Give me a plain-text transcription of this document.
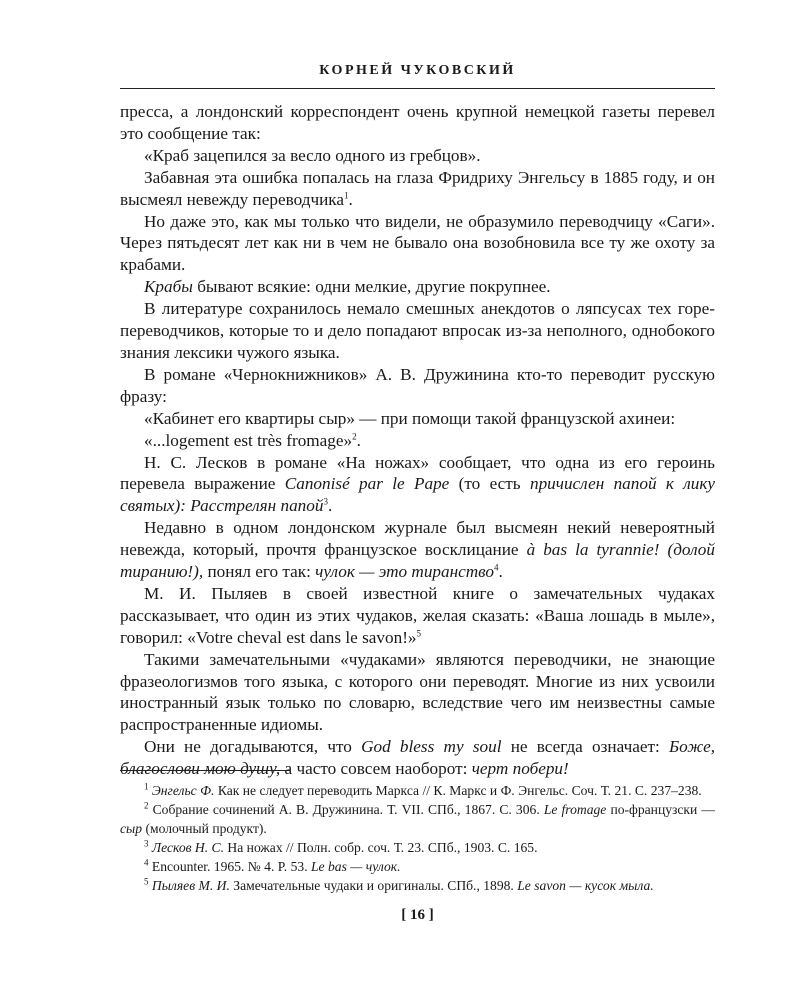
КОРНЕЙ ЧУКОВСКИЙ

пресса, а лондонский корреспондент очень крупной немецкой газеты перевел это сообщение так:

«Краб зацепился за весло одного из гребцов».

Забавная эта ошибка попалась на глаза Фридриху Энгельсу в 1885 году, и он высмеял невежду переводчика$^1$.

Но даже это, как мы только что видели, не образумило переводчицу «Саги». Через пятьдесят лет как ни в чем не бывало она возобновила все ту же охоту за крабами.

Крабы бывают всякие: одни мелкие, другие покрупнее.

В литературе сохранилось немало смешных анекдотов о ляпсусах тех горе-переводчиков, которые то и дело попадают впросак из-за неполного, однобокого знания лексики чужого языка.

В романе «Чернокнижников» А. В. Дружинина кто-то переводит русскую фразу:

«Кабинет его квартиры сыр» — при помощи такой французской ахинеи:

«...logement est très fromage»$^2$.

Н. С. Лесков в романе «На ножах» сообщает, что одна из его героинь перевела выражение Canonisé par le Pape (то есть причислен папой к лику святых): Расстрелян папой$^3$.

Недавно в одном лондонском журнале был высмеян некий невероятный невежда, который, прочтя французское восклицание à bas la tyrannie! (долой тиранию!), понял его так: чулок — это тиранство$^4$.

М. И. Пыляев в своей известной книге о замечательных чудаках рассказывает, что один из этих чудаков, желая сказать: «Ваша лошадь в мыле», говорил: «Votre cheval est dans le savon!»$^5$

Такими замечательными «чудаками» являются переводчики, не знающие фразеологизмов того языка, с которого они переводят. Многие из них усвоили иностранный язык только по словарю, вследствие чего им неизвестны самые распространенные идиомы.

Они не догадываются, что God bless my soul не всегда означает: Боже, благослови мою душу, а часто совсем наоборот: черт побери!

$^1$ Энгельс Ф. Как не следует переводить Маркса // К. Маркс и Ф. Энгельс. Соч. Т. 21. С. 237–238.

$^2$ Собрание сочинений А. В. Дружинина. Т. VII. СПб., 1867. С. 306. Le fromage по-французски — сыр (молочный продукт).

$^3$ Лесков Н. С. На ножах // Полн. собр. соч. Т. 23. СПб., 1903. С. 165.

$^4$ Encounter. 1965. № 4. P. 53. Le bas — чулок.

$^5$ Пыляев М. И. Замечательные чудаки и оригиналы. СПб., 1898. Le savon — кусок мыла.

[ 16 ]
